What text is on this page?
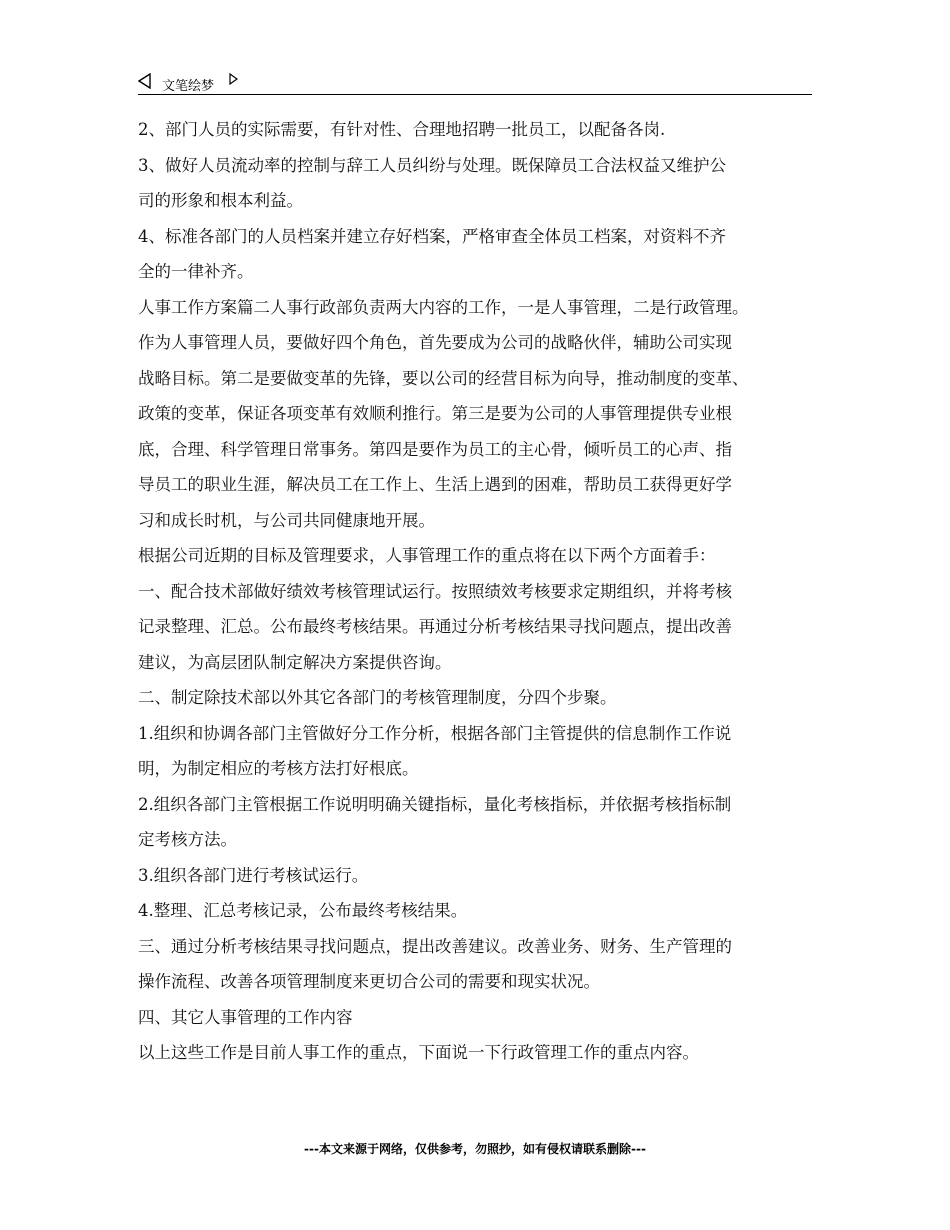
文笔绘梦

2、部门人员的实际需要，有针对性、合理地招聘一批员工，以配备各岗.

3、做好人员流动率的控制与辞工人员纠纷与处理。既保障员工合法权益又维护公

司的形象和根本利益。

4、标准各部门的人员档案并建立存好档案，严格审查全体员工档案，对资料不齐

全的一律补齐。

人事工作方案篇二人事行政部负责两大内容的工作，一是人事管理，二是行政管理。

作为人事管理人员，要做好四个角色，首先要成为公司的战略伙伴，辅助公司实现

战略目标。第二是要做变革的先锋，要以公司的经营目标为向导，推动制度的变革、

政策的变革，保证各项变革有效顺利推行。第三是要为公司的人事管理提供专业根

底，合理、科学管理日常事务。第四是要作为员工的主心骨，倾听员工的心声、指

导员工的职业生涯，解决员工在工作上、生活上遇到的困难，帮助员工获得更好学

习和成长时机，与公司共同健康地开展。

根据公司近期的目标及管理要求，人事管理工作的重点将在以下两个方面着手：

一、配合技术部做好绩效考核管理试运行。按照绩效考核要求定期组织，并将考核

记录整理、汇总。公布最终考核结果。再通过分析考核结果寻找问题点，提出改善

建议，为高层团队制定解决方案提供咨询。

二、制定除技术部以外其它各部门的考核管理制度，分四个步聚。

1.组织和协调各部门主管做好分工作分析，根据各部门主管提供的信息制作工作说

明，为制定相应的考核方法打好根底。

2.组织各部门主管根据工作说明明确关键指标，量化考核指标，并依据考核指标制

定考核方法。

3.组织各部门进行考核试运行。

4.整理、汇总考核记录，公布最终考核结果。

三、通过分析考核结果寻找问题点，提出改善建议。改善业务、财务、生产管理的

操作流程、改善各项管理制度来更切合公司的需要和现实状况。

四、其它人事管理的工作内容

以上这些工作是目前人事工作的重点，下面说一下行政管理工作的重点内容。

---本文来源于网络，仅供参考，勿照抄，如有侵权请联系删除---
